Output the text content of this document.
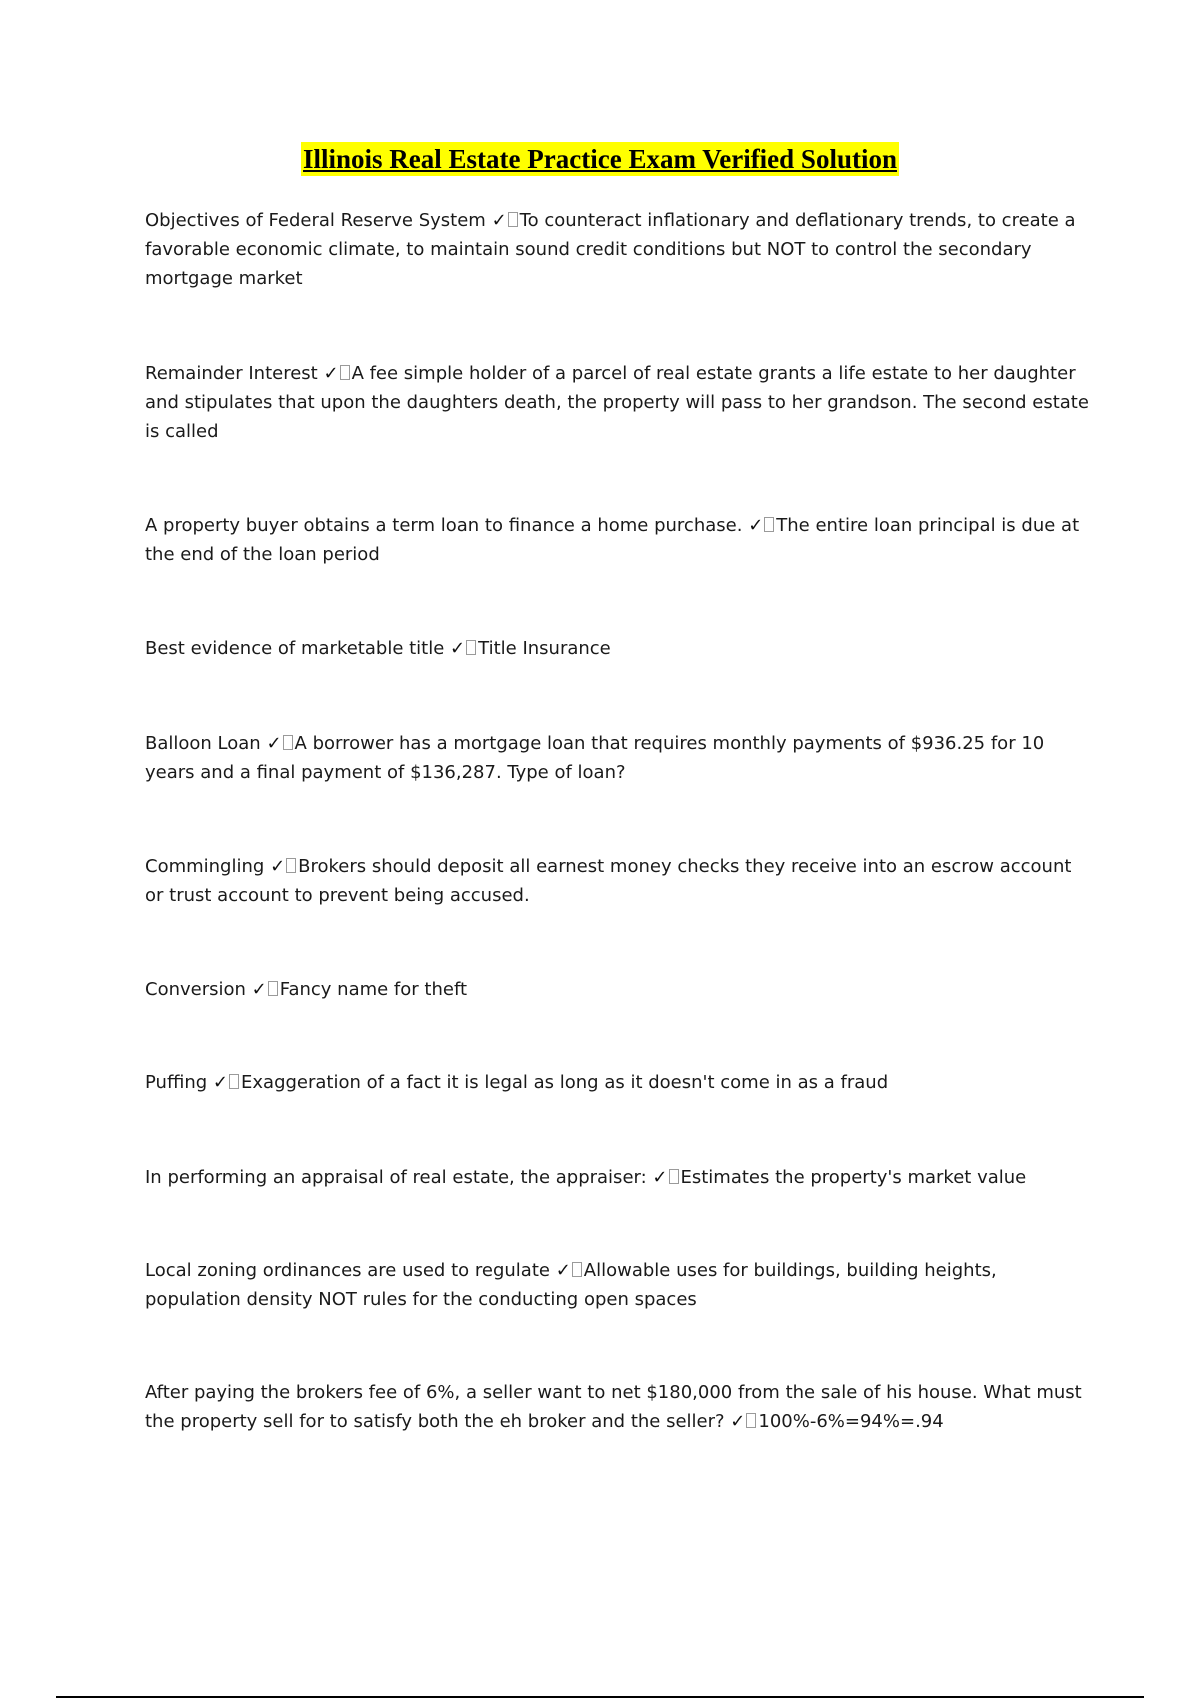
Illinois Real Estate Practice Exam Verified Solution

Objectives of Federal Reserve System ✓ To counteract inflationary and deflationary trends, to create a favorable economic climate, to maintain sound credit conditions but NOT to control the secondary mortgage market

Remainder Interest ✓ A fee simple holder of a parcel of real estate grants a life estate to her daughter and stipulates that upon the daughters death, the property will pass to her grandson. The second estate is called

A property buyer obtains a term loan to finance a home purchase. ✓ The entire loan principal is due at the end of the loan period

Best evidence of marketable title ✓ Title Insurance

Balloon Loan ✓ A borrower has a mortgage loan that requires monthly payments of $936.25 for 10 years and a final payment of $136,287. Type of loan?

Commingling ✓ Brokers should deposit all earnest money checks they receive into an escrow account or trust account to prevent being accused.

Conversion ✓ Fancy name for theft

Puffing ✓ Exaggeration of a fact it is legal as long as it doesn't come in as a fraud

In performing an appraisal of real estate, the appraiser: ✓ Estimates the property's market value

Local zoning ordinances are used to regulate ✓ Allowable uses for buildings, building heights, population density NOT rules for the conducting open spaces

After paying the brokers fee of 6%, a seller want to net $180,000 from the sale of his house. What must the property sell for to satisfy both the eh broker and the seller? ✓ 100%-6%=94%=.94
